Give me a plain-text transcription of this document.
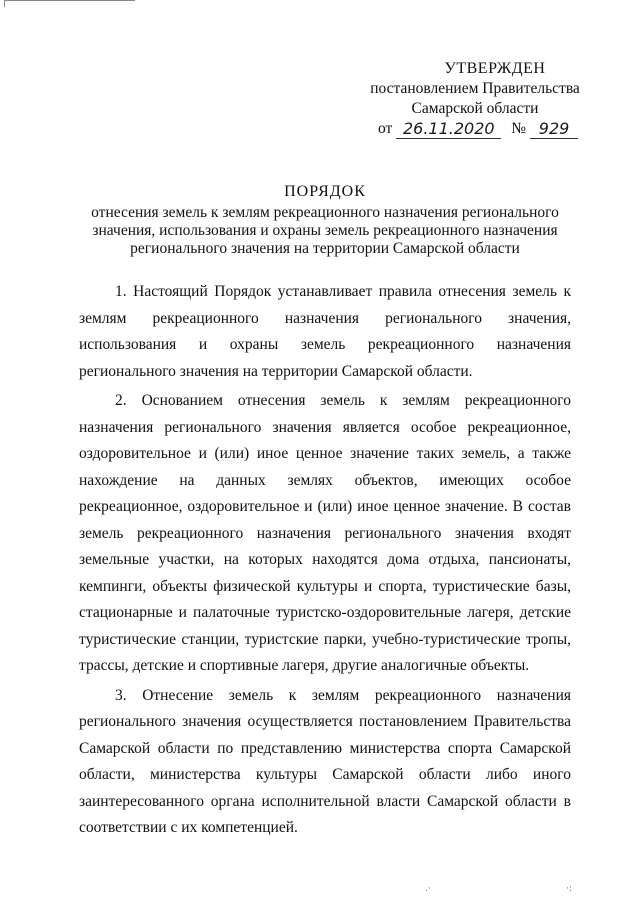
УТВЕРЖДЕН
постановлением Правительства
Самарской области
от 26.11.2020	№ 929
ПОРЯДОК
отнесения земель к землям рекреационного назначения регионального
значения, использования и охраны земель рекреационного назначения
регионального значения на территории Самарской области

1. Настоящий Порядок устанавливает правила отнесения земель к землям рекреационного назначения регионального значения, использования и охраны земель рекреационного назначения регионального значения на территории Самарской области.

2. Основанием отнесения земель к землям рекреационного назначения регионального значения является особое рекреационное, оздоровительное и (или) иное ценное значение таких земель, а также нахождение на данных землях объектов, имеющих особое рекреационное, оздоровительное и (или) иное ценное значение. В состав земель рекреационного назначения регионального значения входят земельные участки, на которых находятся дома отдыха, пансионаты, кемпинги, объекты физической культуры и спорта, туристические базы, стационарные и палаточные туристско-оздоровительные лагеря, детские туристические станции, туристские парки, учебно-туристические тропы, трассы, детские и спортивные лагеря, другие аналогичные объекты.

3. Отнесение земель к землям рекреационного назначения регионального значения осуществляется постановлением Правительства Самарской области по представлению министерства спорта Самарской области, министерства культуры Самарской области либо иного заинтересованного органа исполнительной власти Самарской области в соответствии с их компетенцией.

.·	·:
